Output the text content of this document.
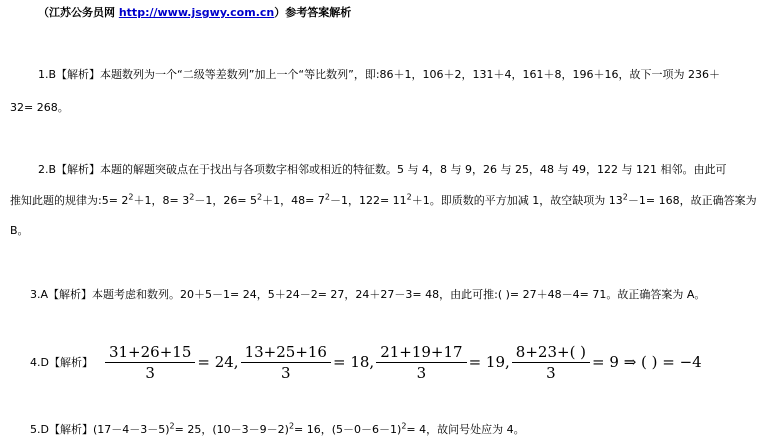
（江苏公务员网 http://www.jsgwy.com.cn）参考答案解析
1.B【解析】本题数列为一个“二级等差数列”加上一个“等比数列”，即:86＋1，106＋2，131＋4，161＋8，196＋16，故下一项为 236＋
32= 268。
2.B【解析】本题的解题突破点在于找出与各项数字相邻或相近的特征数。5 与 4，8 与 9，26 与 25，48 与 49，122 与 121 相邻。由此可
推知此题的规律为:5= $2^2+1$，$8= 3^2-1$，$26= 5^2+1$，$48= 7^2-1$，$122= 11^2+1$。即质数的平方加减 1，故空缺项为 $13^2-1= 168$，故正确答案为
B。
3.A【解析】本题考虑和数列。20＋5－1= 24，5＋24－2= 27，24＋27－3= 48，由此可推:( )= 27＋48－4= 71。故正确答案为 A。
4.D【解析】 $\frac{31+26+15}{3} = 24$, $\frac{13+25+16}{3} = 18$, $\frac{21+19+17}{3} = 19$, $\frac{8+23+( )}{3} = 9$ ⇒ ( ) = −4
5.D【解析】$(17-4-3-5)^2= 25$，$(10-3-9-2)^2= 16$，$(5-0-6-1)^2= 4$，故问号处应为 4。
